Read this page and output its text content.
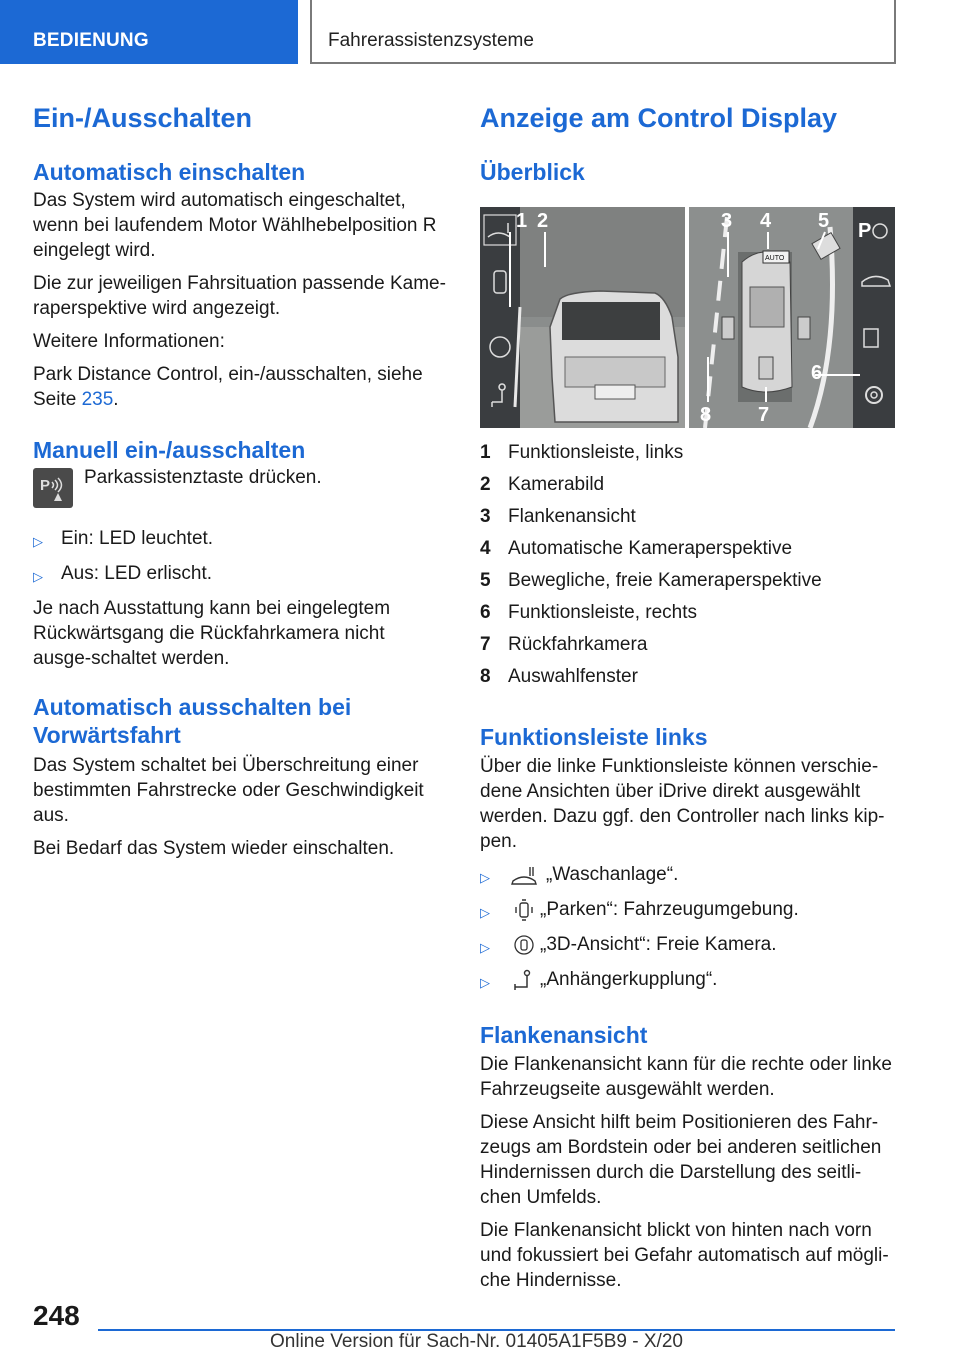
BEDIENUNG	Fahrerassistenzsysteme
Ein-/Ausschalten
Automatisch einschalten

Das System wird automatisch eingeschaltet, wenn bei laufendem Motor Wählhebelposition R eingelegt wird.

Die zur jeweiligen Fahrsituation passende Kame-raperspektive wird angezeigt.

Weitere Informationen:

Park Distance Control, ein-/ausschalten, siehe Seite 235.

Manuell ein-/ausschalten
P	Parkassistenztaste drücken.
▷ Ein: LED leuchtet.
▷ Aus: LED erlischt.

Je nach Ausstattung kann bei eingelegtem Rückwärtsgang die Rückfahrkamera nicht ausge-schaltet werden.

Automatisch ausschalten bei Vorwärtsfahrt

Das System schaltet bei Überschreitung einer bestimmten Fahrstrecke oder Geschwindigkeit aus.

Bei Bedarf das System wieder einschalten.

Anzeige am Control Display
Überblick
AUTO
P
1 2	3 4 5
6
7
8
1 Funktionsleiste, links
2 Kamerabild
3 Flankenansicht
4 Automatische Kameraperspektive
5 Bewegliche, freie Kameraperspektive
6 Funktionsleiste, rechts
7 Rückfahrkamera
8 Auswahlfenster
Funktionsleiste links

Über die linke Funktionsleiste können verschie-dene Ansichten über iDrive direkt ausgewählt werden. Dazu ggf. den Controller nach links kip-pen.

▷	„Waschanlage“.
▷	„Parken“: Fahrzeugumgebung.
▷	„3D-Ansicht“: Freie Kamera.
▷	„Anhängerkupplung“.
Flankenansicht

Die Flankenansicht kann für die rechte oder linke Fahrzeugseite ausgewählt werden.

Diese Ansicht hilft beim Positionieren des Fahr-zeugs am Bordstein oder bei anderen seitlichen Hindernissen durch die Darstellung des seitli-chen Umfelds.

Die Flankenansicht blickt von hinten nach vorn und fokussiert bei Gefahr automatisch auf mögli-che Hindernisse.

248
Online Version für Sach-Nr. 01405A1F5B9 - X/20
